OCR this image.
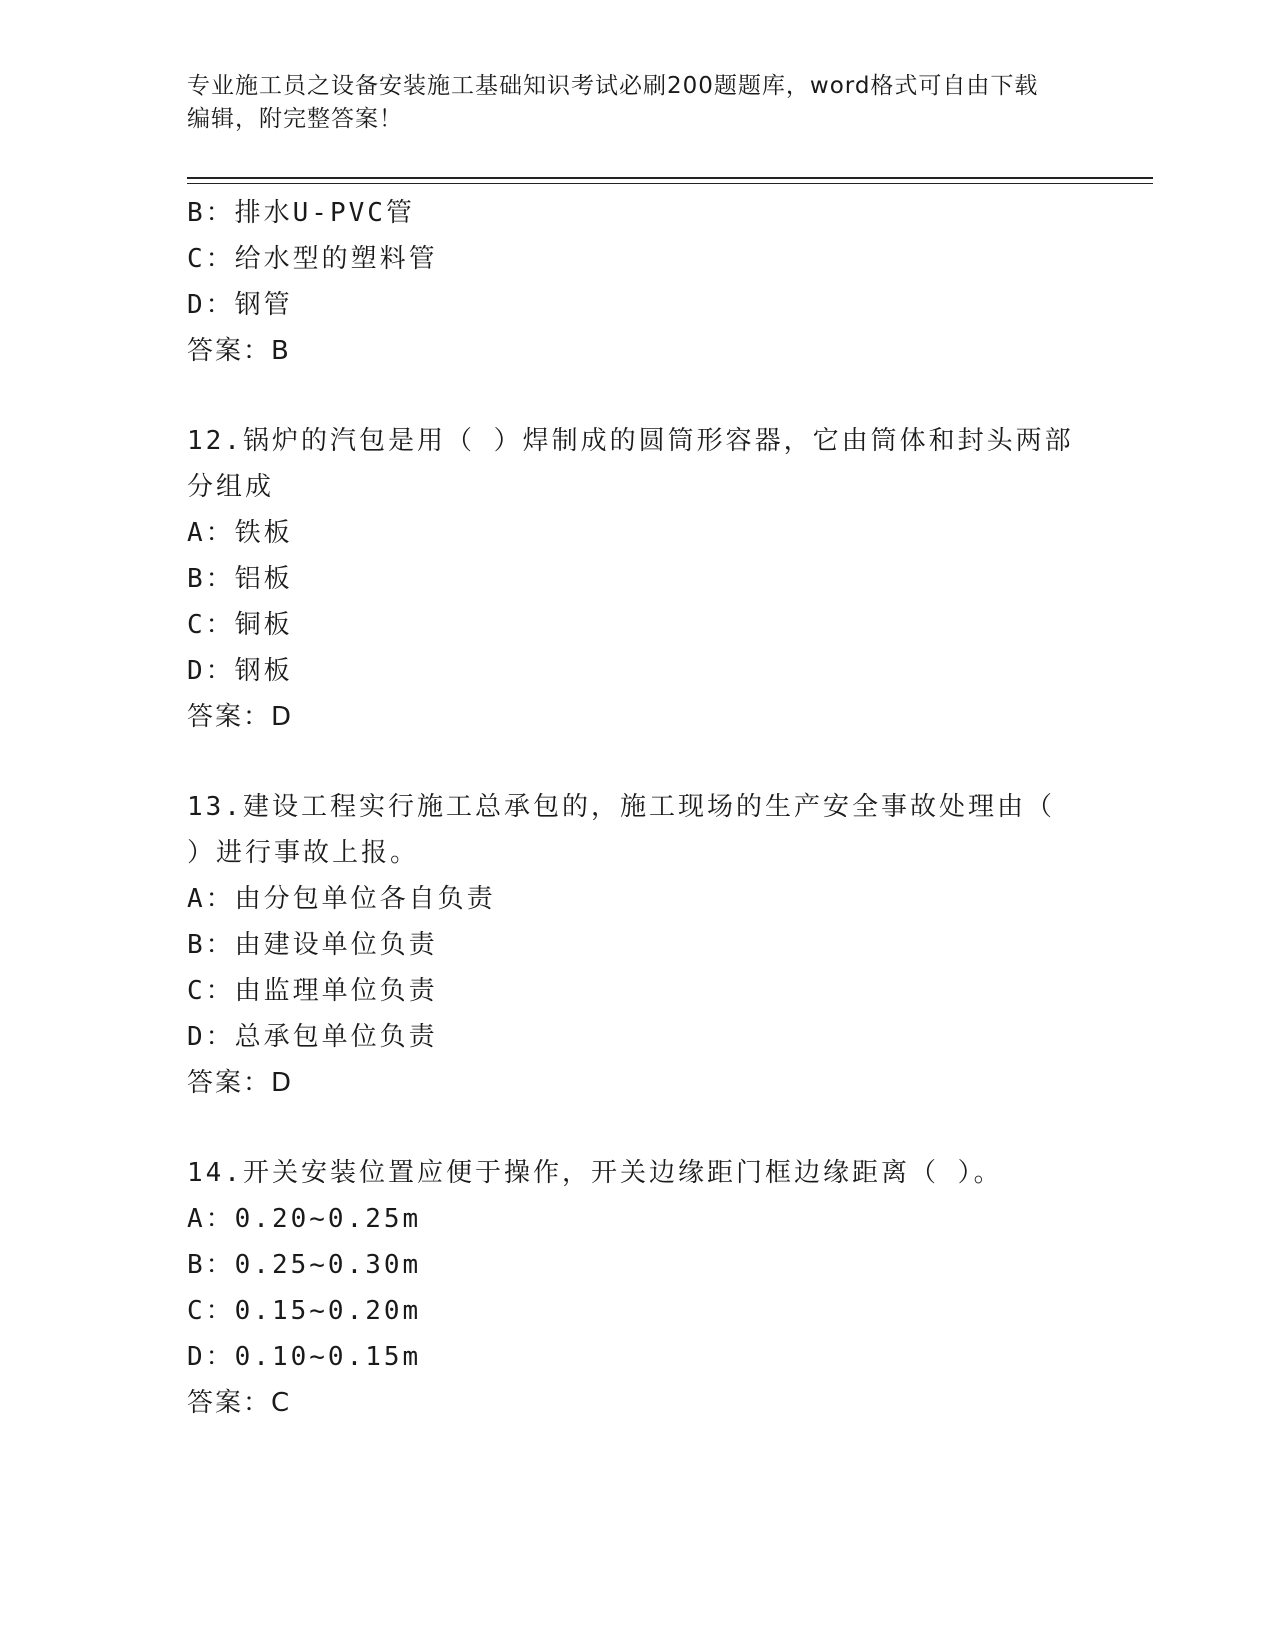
专业施工员之设备安装施工基础知识考试必刷200题题库，word格式可自由下载
编辑，附完整答案！
B：排水U-PVC管
C：给水型的塑料管
D：钢管
答案：B
12.锅炉的汽包是用（ ）焊制成的圆筒形容器，它由筒体和封头两部
分组成
A：铁板
B：铝板
C：铜板
D：钢板
答案：D
13.建设工程实行施工总承包的，施工现场的生产安全事故处理由（
）进行事故上报。
A：由分包单位各自负责
B：由建设单位负责
C：由监理单位负责
D：总承包单位负责
答案：D
14.开关安装位置应便于操作，开关边缘距门框边缘距离（ ）。
A：0.20~0.25m
B：0.25~0.30m
C：0.15~0.20m
D：0.10~0.15m
答案：C
